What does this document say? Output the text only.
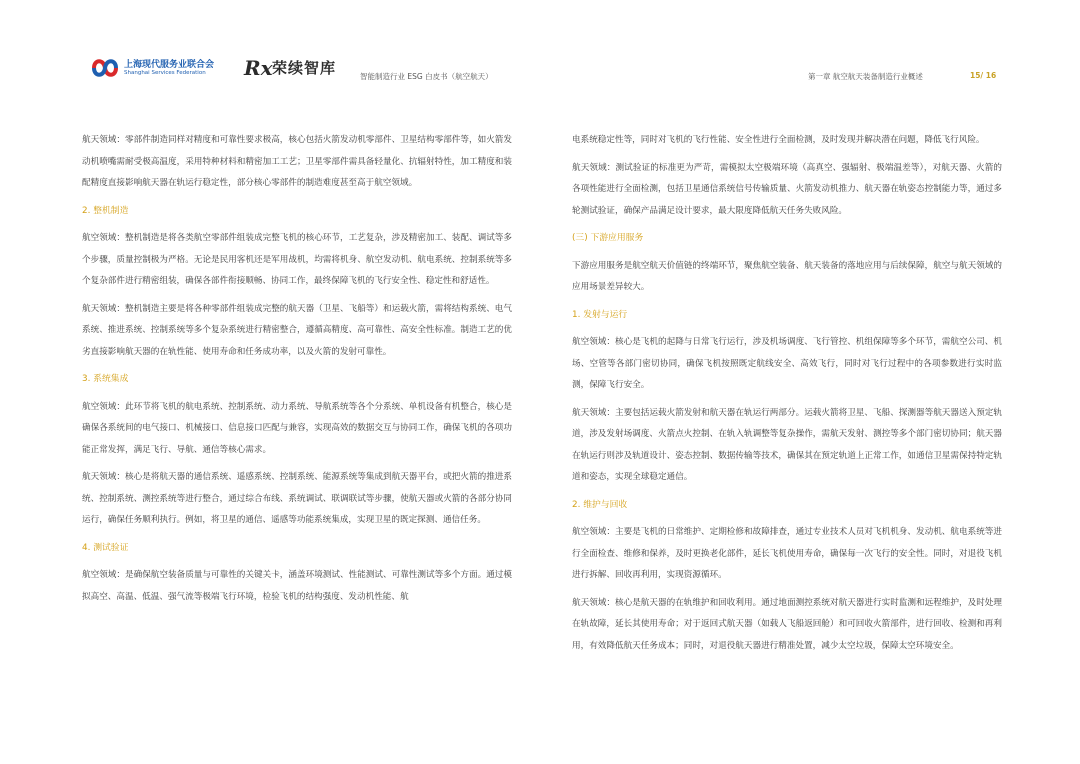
上海现代服务业联合会
Shanghai Services Federation Rx 荣续智库	智能制造行业 ESG 白皮书（航空航天）	第一章 航空航天装备制造行业概述	15/ 16

航天领域：零部件制造同样对精度和可靠性要求极高，核心包括火箭发动机零部件、卫星结构零部件等，如火箭发动机喷嘴需耐受极高温度，采用特种材料和精密加工工艺；卫星零部件需具备轻量化、抗辐射特性，加工精度和装配精度直接影响航天器在轨运行稳定性，部分核心零部件的制造难度甚至高于航空领域。

2. 整机制造

航空领域：整机制造是将各类航空零部件组装成完整飞机的核心环节，工艺复杂，涉及精密加工、装配、调试等多个步骤，质量控制极为严格。无论是民用客机还是军用战机，均需将机身、航空发动机、航电系统、控制系统等多个复杂部件进行精密组装，确保各部件衔接顺畅、协同工作，最终保障飞机的飞行安全性、稳定性和舒适性。

航天领域：整机制造主要是将各种零部件组装成完整的航天器（卫星、飞船等）和运载火箭，需将结构系统、电气系统、推进系统、控制系统等多个复杂系统进行精密整合，遵循高精度、高可靠性、高安全性标准。制造工艺的优劣直接影响航天器的在轨性能、使用寿命和任务成功率，以及火箭的发射可靠性。

3. 系统集成

航空领域：此环节将飞机的航电系统、控制系统、动力系统、导航系统等各个分系统、单机设备有机整合，核心是确保各系统间的电气接口、机械接口、信息接口匹配与兼容，实现高效的数据交互与协同工作，确保飞机的各项功能正常发挥，满足飞行、导航、通信等核心需求。

航天领域：核心是将航天器的通信系统、遥感系统、控制系统、能源系统等集成到航天器平台，或把火箭的推进系统、控制系统、测控系统等进行整合，通过综合布线、系统调试、联调联试等步骤，使航天器或火箭的各部分协同运行，确保任务顺利执行。例如，将卫星的通信、遥感等功能系统集成，实现卫星的既定探测、通信任务。

4. 测试验证

航空领域：是确保航空装备质量与可靠性的关键关卡，涵盖环境测试、性能测试、可靠性测试等多个方面。通过模拟高空、高温、低温、强气流等极端飞行环境，检验飞机的结构强度、发动机性能、航

电系统稳定性等，同时对飞机的飞行性能、安全性进行全面检测，及时发现并解决潜在问题，降低飞行风险。

航天领域：测试验证的标准更为严苛，需模拟太空极端环境（高真空、强辐射、极端温差等），对航天器、火箭的各项性能进行全面检测，包括卫星通信系统信号传输质量、火箭发动机推力、航天器在轨姿态控制能力等，通过多轮测试验证，确保产品满足设计要求，最大限度降低航天任务失败风险。

(三) 下游应用服务

下游应用服务是航空航天价值链的终端环节，聚焦航空装备、航天装备的落地应用与后续保障，航空与航天领域的应用场景差异较大。

1. 发射与运行

航空领域：核心是飞机的起降与日常飞行运行，涉及机场调度、飞行管控、机组保障等多个环节，需航空公司、机场、空管等各部门密切协同，确保飞机按照既定航线安全、高效飞行，同时对飞行过程中的各项参数进行实时监测，保障飞行安全。

航天领域：主要包括运载火箭发射和航天器在轨运行两部分。运载火箭将卫星、飞船、探测器等航天器送入预定轨道，涉及发射场调度、火箭点火控制、在轨入轨调整等复杂操作，需航天发射、测控等多个部门密切协同；航天器在轨运行则涉及轨道设计、姿态控制、数据传输等技术，确保其在预定轨道上正常工作，如通信卫星需保持特定轨道和姿态，实现全球稳定通信。

2. 维护与回收

航空领域：主要是飞机的日常维护、定期检修和故障排查，通过专业技术人员对飞机机身、发动机、航电系统等进行全面检查、维修和保养，及时更换老化部件，延长飞机使用寿命，确保每一次飞行的安全性。同时，对退役飞机进行拆解、回收再利用，实现资源循环。

航天领域：核心是航天器的在轨维护和回收利用。通过地面测控系统对航天器进行实时监测和远程维护，及时处理在轨故障，延长其使用寿命；对于返回式航天器（如载人飞船返回舱）和可回收火箭部件，进行回收、检测和再利用，有效降低航天任务成本；同时，对退役航天器进行精准处置，减少太空垃圾，保障太空环境安全。
